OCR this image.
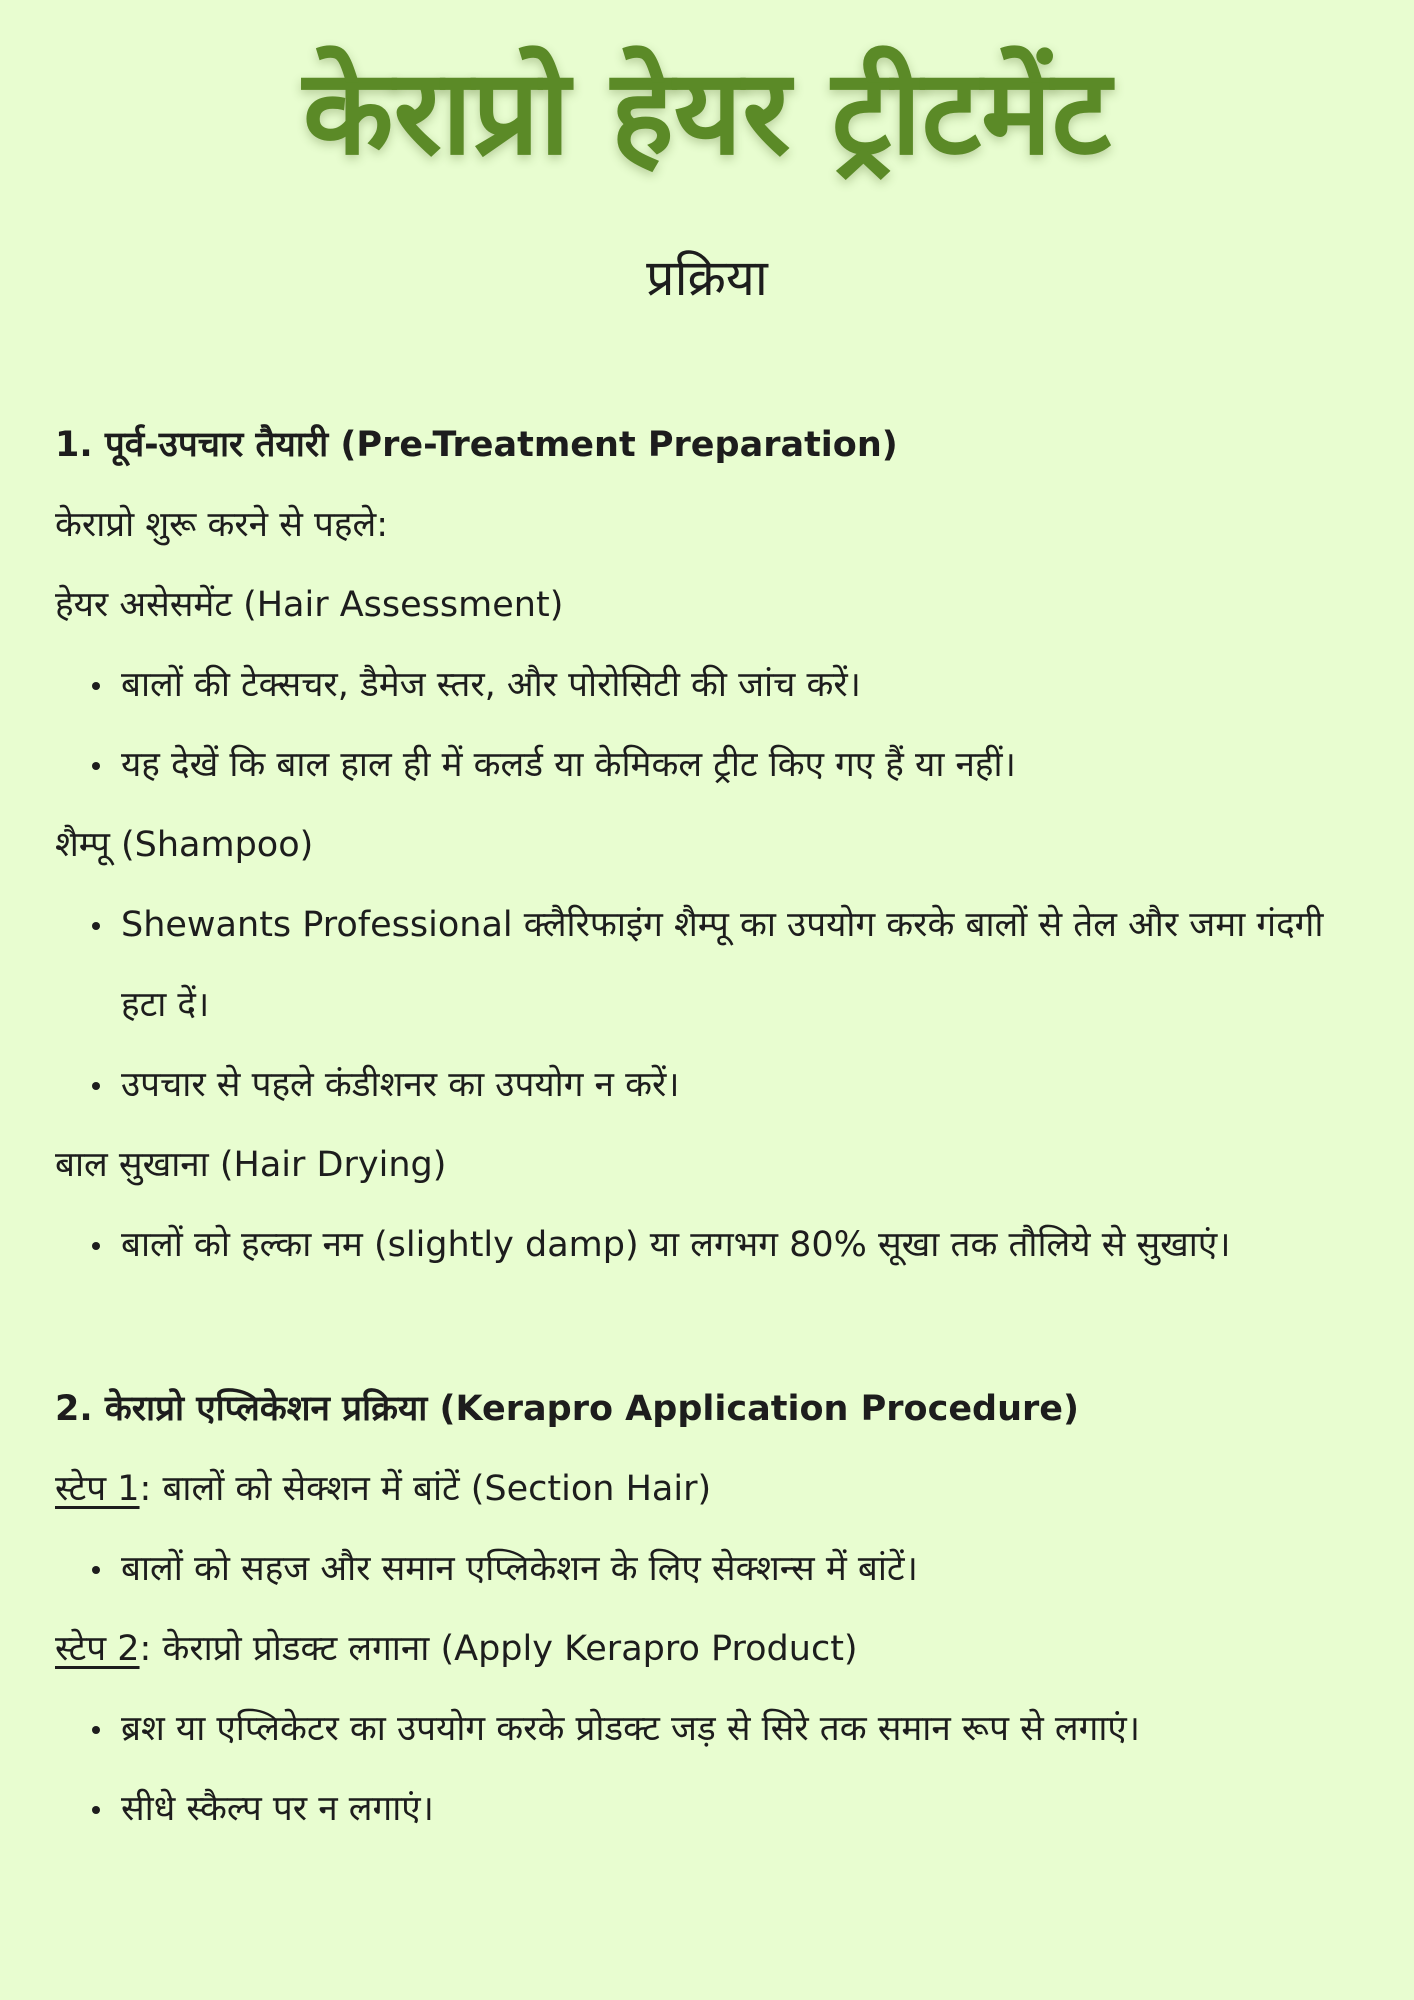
केराप्रो हेयर ट्रीटमेंट
प्रक्रिया
1. पूर्व-उपचार तैयारी (Pre-Treatment Preparation)
केराप्रो शुरू करने से पहले:
हेयर असेसमेंट (Hair Assessment)
बालों की टेक्सचर, डैमेज स्तर, और पोरोसिटी की जांच करें।
यह देखें कि बाल हाल ही में कलर्ड या केमिकल ट्रीट किए गए हैं या नहीं।
शैम्पू (Shampoo)
Shewants Professional क्लैरिफाइंग शैम्पू का उपयोग करके बालों से तेल और जमा गंदगी हटा दें।
उपचार से पहले कंडीशनर का उपयोग न करें।
बाल सुखाना (Hair Drying)
बालों को हल्का नम (slightly damp) या लगभग 80% सूखा तक तौलिये से सुखाएं।
2. केराप्रो एप्लिकेशन प्रक्रिया (Kerapro Application Procedure)
स्टेप 1: बालों को सेक्शन में बांटें (Section Hair)
बालों को सहज और समान एप्लिकेशन के लिए सेक्शन्स में बांटें।
स्टेप 2: केराप्रो प्रोडक्ट लगाना (Apply Kerapro Product)
ब्रश या एप्लिकेटर का उपयोग करके प्रोडक्ट जड़ से सिरे तक समान रूप से लगाएं।
सीधे स्कैल्प पर न लगाएं।
